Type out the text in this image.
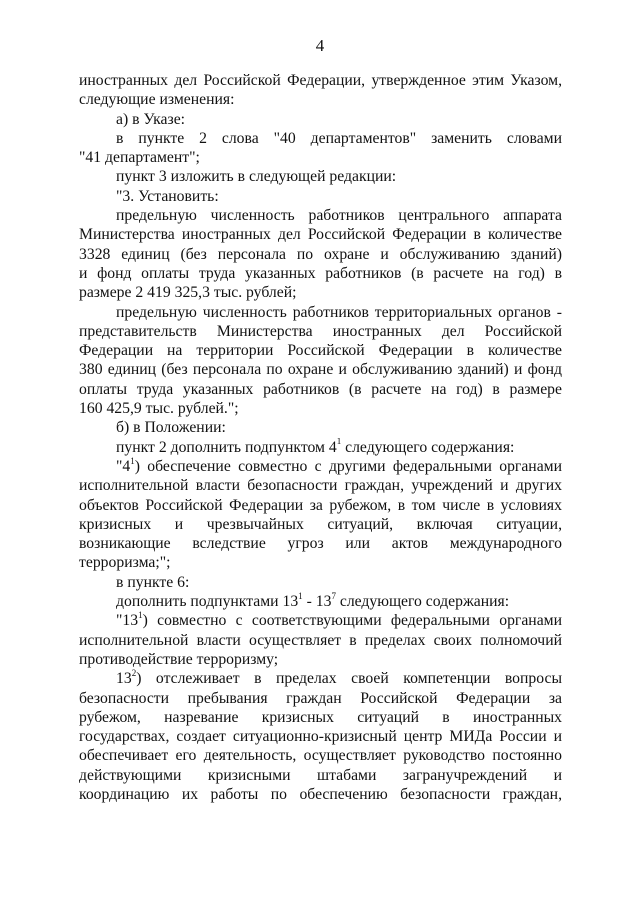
4
иностранных дел Российской Федерации, утвержденное этим Указом,
следующие изменения:
а) в Указе:
в пункте 2 слова "40 департаментов" заменить словами
"41 департамент";
пункт 3 изложить в следующей редакции:
"3. Установить:
предельную численность работников центрального аппарата
Министерства иностранных дел Российской Федерации в количестве
3328 единиц (без персонала по охране и обслуживанию зданий)
и фонд оплаты труда указанных работников (в расчете на год) в
размере 2 419 325,3 тыс. рублей;
предельную численность работников территориальных органов -
представительств Министерства иностранных дел Российской
Федерации на территории Российской Федерации в количестве
380 единиц (без персонала по охране и обслуживанию зданий) и фонд
оплаты труда указанных работников (в расчете на год) в размере
160 425,9 тыс. рублей.";
б) в Положении:
пункт 2 дополнить подпунктом $4^1$ следующего содержания:
"$4^1$) обеспечение совместно с другими федеральными органами
исполнительной власти безопасности граждан, учреждений и других
объектов Российской Федерации за рубежом, в том числе в условиях
кризисных и чрезвычайных ситуаций, включая ситуации,
возникающие вследствие угроз или актов международного
терроризма;";
в пункте 6:
дополнить подпунктами $13^1 - 13^7$ следующего содержания:
"$13^1$) совместно с соответствующими федеральными органами
исполнительной власти осуществляет в пределах своих полномочий
противодействие терроризму;
$13^2$) отслеживает в пределах своей компетенции вопросы
безопасности пребывания граждан Российской Федерации за
рубежом, назревание кризисных ситуаций в иностранных
государствах, создает ситуационно-кризисный центр МИДа России и
обеспечивает его деятельность, осуществляет руководство постоянно
действующими кризисными штабами загранучреждений и
координацию их работы по обеспечению безопасности граждан,
